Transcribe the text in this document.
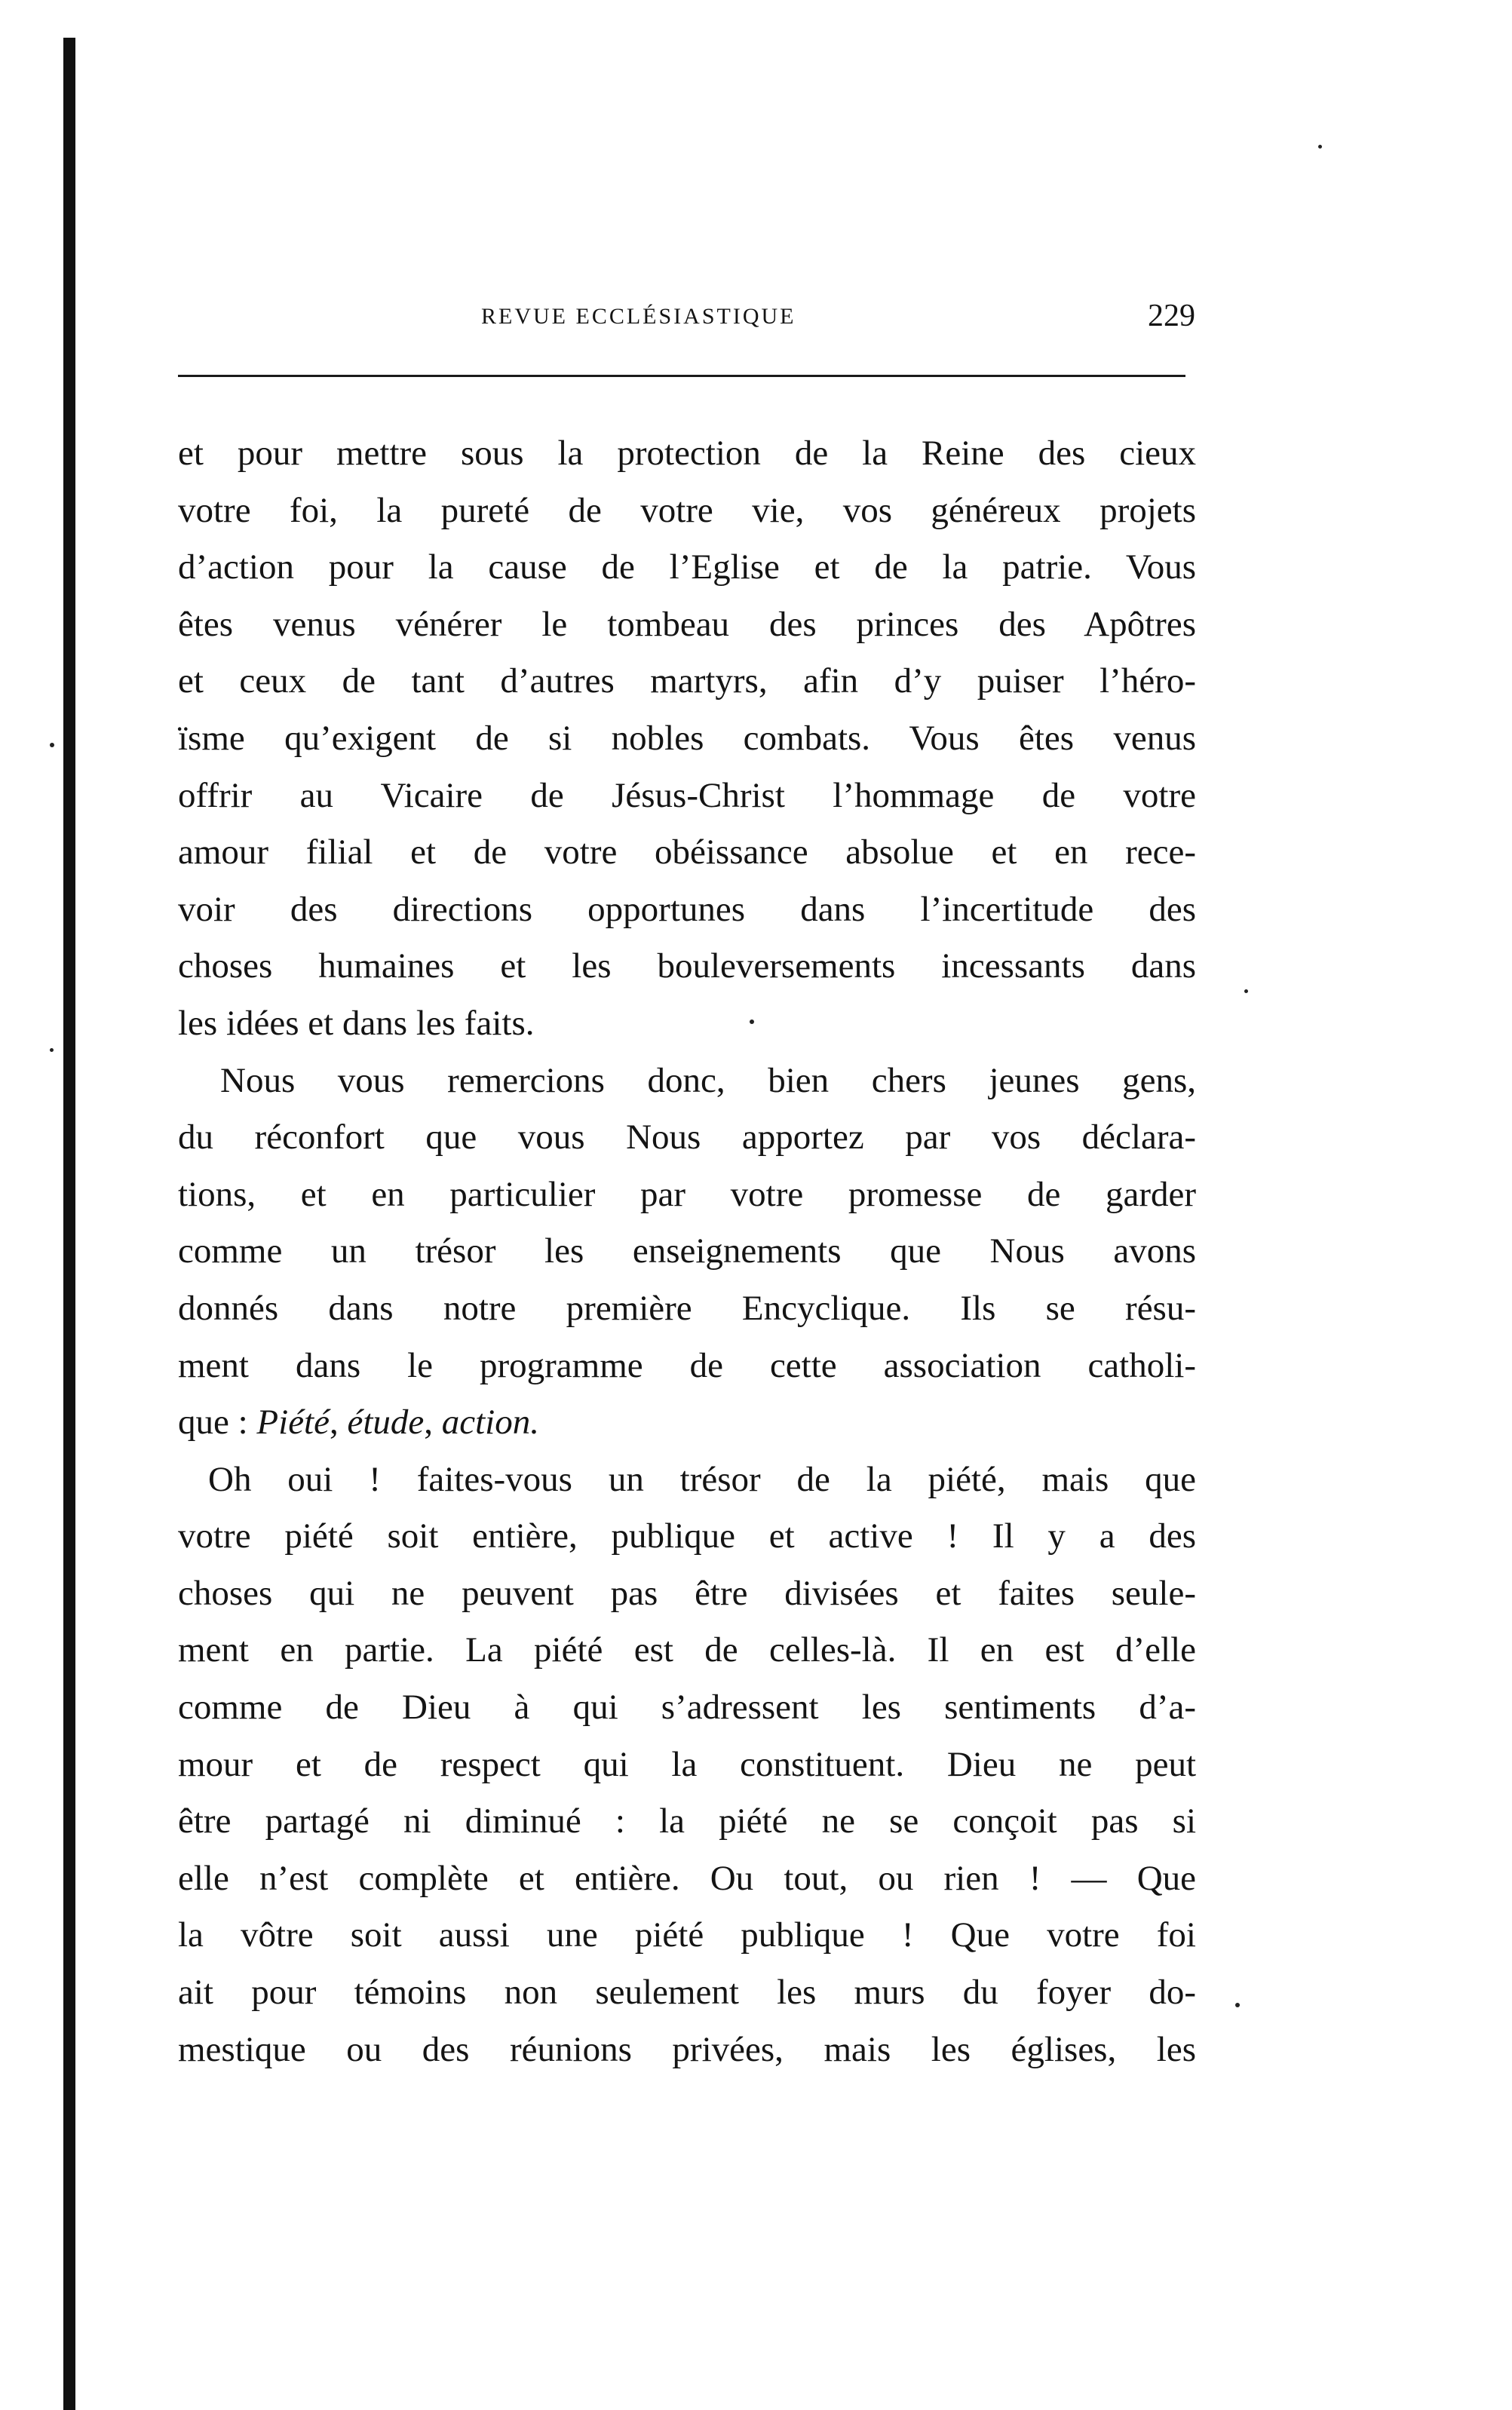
REVUE ECCLÉSIASTIQUE	229
et pour mettre sous la protection de la Reine des cieux
votre foi, la pureté de votre vie, vos généreux projets
d’action pour la cause de l’Eglise et de la patrie. Vous
êtes venus vénérer le tombeau des princes des Apôtres
et ceux de tant d’autres martyrs, afin d’y puiser l’héro-
ïsme qu’exigent de si nobles combats. Vous êtes venus
offrir au Vicaire de Jésus-Christ l’hommage de votre
amour filial et de votre obéissance absolue et en rece-
voir des directions opportunes dans l’incertitude des
choses humaines et les bouleversements incessants dans
les idées et dans les faits.
Nous vous remercions donc, bien chers jeunes gens,
du réconfort que vous Nous apportez par vos déclara-
tions, et en particulier par votre promesse de garder
comme un trésor les enseignements que Nous avons
donnés dans notre première Encyclique. Ils se résu-
ment dans le programme de cette association catholi-
que : Piété, étude, action.
Oh oui ! faites-vous un trésor de la piété, mais que
votre piété soit entière, publique et active ! Il y a des
choses qui ne peuvent pas être divisées et faites seule-
ment en partie. La piété est de celles-là. Il en est d’elle
comme de Dieu à qui s’adressent les sentiments d’a-
mour et de respect qui la constituent. Dieu ne peut
être partagé ni diminué : la piété ne se conçoit pas si
elle n’est complète et entière. Ou tout, ou rien ! — Que
la vôtre soit aussi une piété publique ! Que votre foi
ait pour témoins non seulement les murs du foyer do-
mestique ou des réunions privées, mais les églises, les
